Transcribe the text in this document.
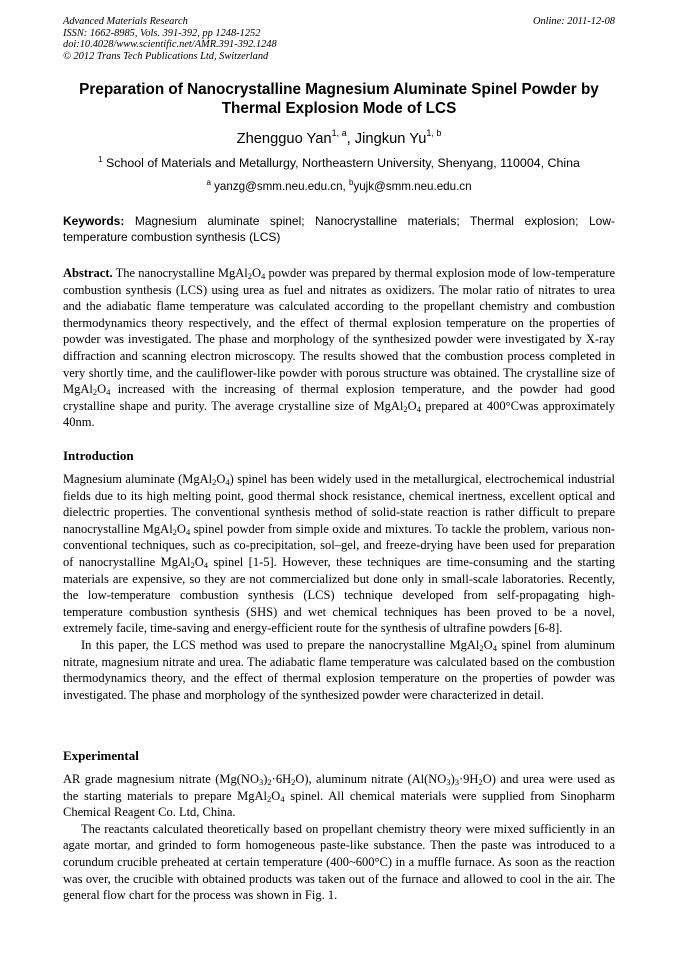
Advanced Materials Research
ISSN: 1662-8985, Vols. 391-392, pp 1248-1252
doi:10.4028/www.scientific.net/AMR.391-392.1248
© 2012 Trans Tech Publications Ltd, Switzerland
Online: 2011-12-08
Preparation of Nanocrystalline Magnesium Aluminate Spinel Powder by
Thermal Explosion Mode of LCS
Zhengguo Yan$^{1, a}$, Jingkun Yu$^{1, b}$
$^1$ School of Materials and Metallurgy, Northeastern University, Shenyang, 110004, China
$^a$ yanzg@smm.neu.edu.cn, $^b$yujk@smm.neu.edu.cn
Keywords: Magnesium aluminate spinel; Nanocrystalline materials; Thermal explosion; Low-temperature combustion synthesis (LCS)
Abstract. The nanocrystalline $MgAl_2O_4$ powder was prepared by thermal explosion mode of low-temperature combustion synthesis (LCS) using urea as fuel and nitrates as oxidizers. The molar ratio of nitrates to urea and the adiabatic flame temperature was calculated according to the propellant chemistry and combustion thermodynamics theory respectively, and the effect of thermal explosion temperature on the properties of powder was investigated. The phase and morphology of the synthesized powder were investigated by X-ray diffraction and scanning electron microscopy. The results showed that the combustion process completed in very shortly time, and the cauliflower-like powder with porous structure was obtained. The crystalline size of $MgAl_2O_4$ increased with the increasing of thermal explosion temperature, and the powder had good crystalline shape and purity. The average crystalline size of $MgAl_2O_4$ prepared at 400°Cwas approximately 40nm.
Introduction

Magnesium aluminate $(MgAl_2O_4)$ spinel has been widely used in the metallurgical, electrochemical industrial fields due to its high melting point, good thermal shock resistance, chemical inertness, excellent optical and dielectric properties. The conventional synthesis method of solid-state reaction is rather difficult to prepare nanocrystalline $MgAl_2O_4$ spinel powder from simple oxide and mixtures. To tackle the problem, various non-conventional techniques, such as co-precipitation, sol–gel, and freeze-drying have been used for preparation of nanocrystalline $MgAl_2O_4$ spinel [1-5]. However, these techniques are time-consuming and the starting materials are expensive, so they are not commercialized but done only in small-scale laboratories. Recently, the low-temperature combustion synthesis (LCS) technique developed from self-propagating high-temperature combustion synthesis (SHS) and wet chemical techniques has been proved to be a novel, extremely facile, time-saving and energy-efficient route for the synthesis of ultrafine powders [6-8].

In this paper, the LCS method was used to prepare the nanocrystalline $MgAl_2O_4$ spinel from aluminum nitrate, magnesium nitrate and urea. The adiabatic flame temperature was calculated based on the combustion thermodynamics theory, and the effect of thermal explosion temperature on the properties of powder was investigated. The phase and morphology of the synthesized powder were characterized in detail.

Experimental

AR grade magnesium nitrate $(Mg(NO_3)_2\cdot 6H_2O)$, aluminum nitrate $(Al(NO_3)_3\cdot 9H_2O)$ and urea were used as the starting materials to prepare $MgAl_2O_4$ spinel. All chemical materials were supplied from Sinopharm Chemical Reagent Co. Ltd, China.

The reactants calculated theoretically based on propellant chemistry theory were mixed sufficiently in an agate mortar, and grinded to form homogeneous paste-like substance. Then the paste was introduced to a corundum crucible preheated at certain temperature (400~600°C) in a muffle furnace. As soon as the reaction was over, the crucible with obtained products was taken out of the furnace and allowed to cool in the air. The general flow chart for the process was shown in Fig. 1.
